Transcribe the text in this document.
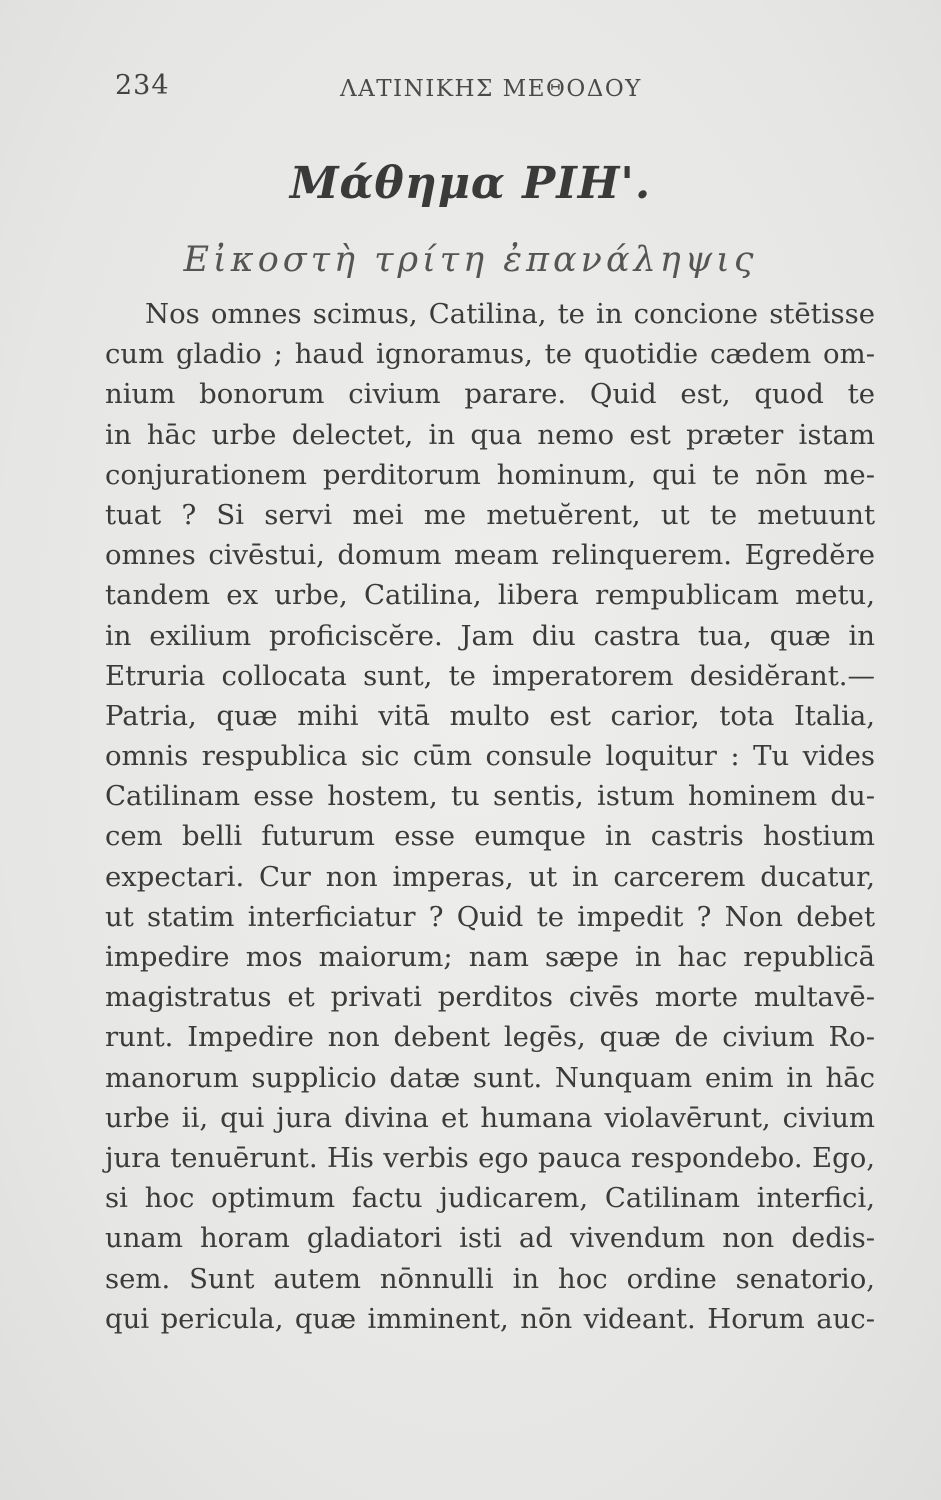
234	ΛΑΤΙΝΙΚΗΣ ΜΕΘΟΔΟΥ
Μάθημα ΡΙΗ'.
Εἰκοστὴ τρίτη ἐπανάληψις
Nos omnes scimus, Catilina, te in concione stētisse
cum gladio ; haud ignoramus, te quotidie cædem om-
nium bonorum civium parare. Quid est, quod te
in hāc urbe delectet, in qua nemo est præter istam
conjurationem perditorum hominum, qui te nōn me-
tuat ? Si servi mei me metuĕrent, ut te metuunt
omnes civēstui, domum meam relinquerem. Egredĕre
tandem ex urbe, Catilina, libera rempublicam metu,
in exilium proficiscĕre. Jam diu castra tua, quæ in
Etruria collocata sunt, te imperatorem desidĕrant.—
Patria, quæ mihi vitā multo est carior, tota Italia,
omnis respublica sic cūm consule loquitur : Tu vides
Catilinam esse hostem, tu sentis, istum hominem du-
cem belli futurum esse eumque in castris hostium
expectari. Cur non imperas, ut in carcerem ducatur,
ut statim interficiatur ? Quid te impedit ? Non debet
impedire mos maiorum; nam sæpe in hac republicā
magistratus et privati perditos civēs morte multavē-
runt. Impedire non debent legēs, quæ de civium Ro-
manorum supplicio datæ sunt. Nunquam enim in hāc
urbe ii, qui jura divina et humana violavērunt, civium
jura tenuērunt. His verbis ego pauca respondebo. Ego,
si hoc optimum factu judicarem, Catilinam interfici,
unam horam gladiatori isti ad vivendum non dedis-
sem. Sunt autem nōnnulli in hoc ordine senatorio,
qui pericula, quæ imminent, nōn videant. Horum auc-
